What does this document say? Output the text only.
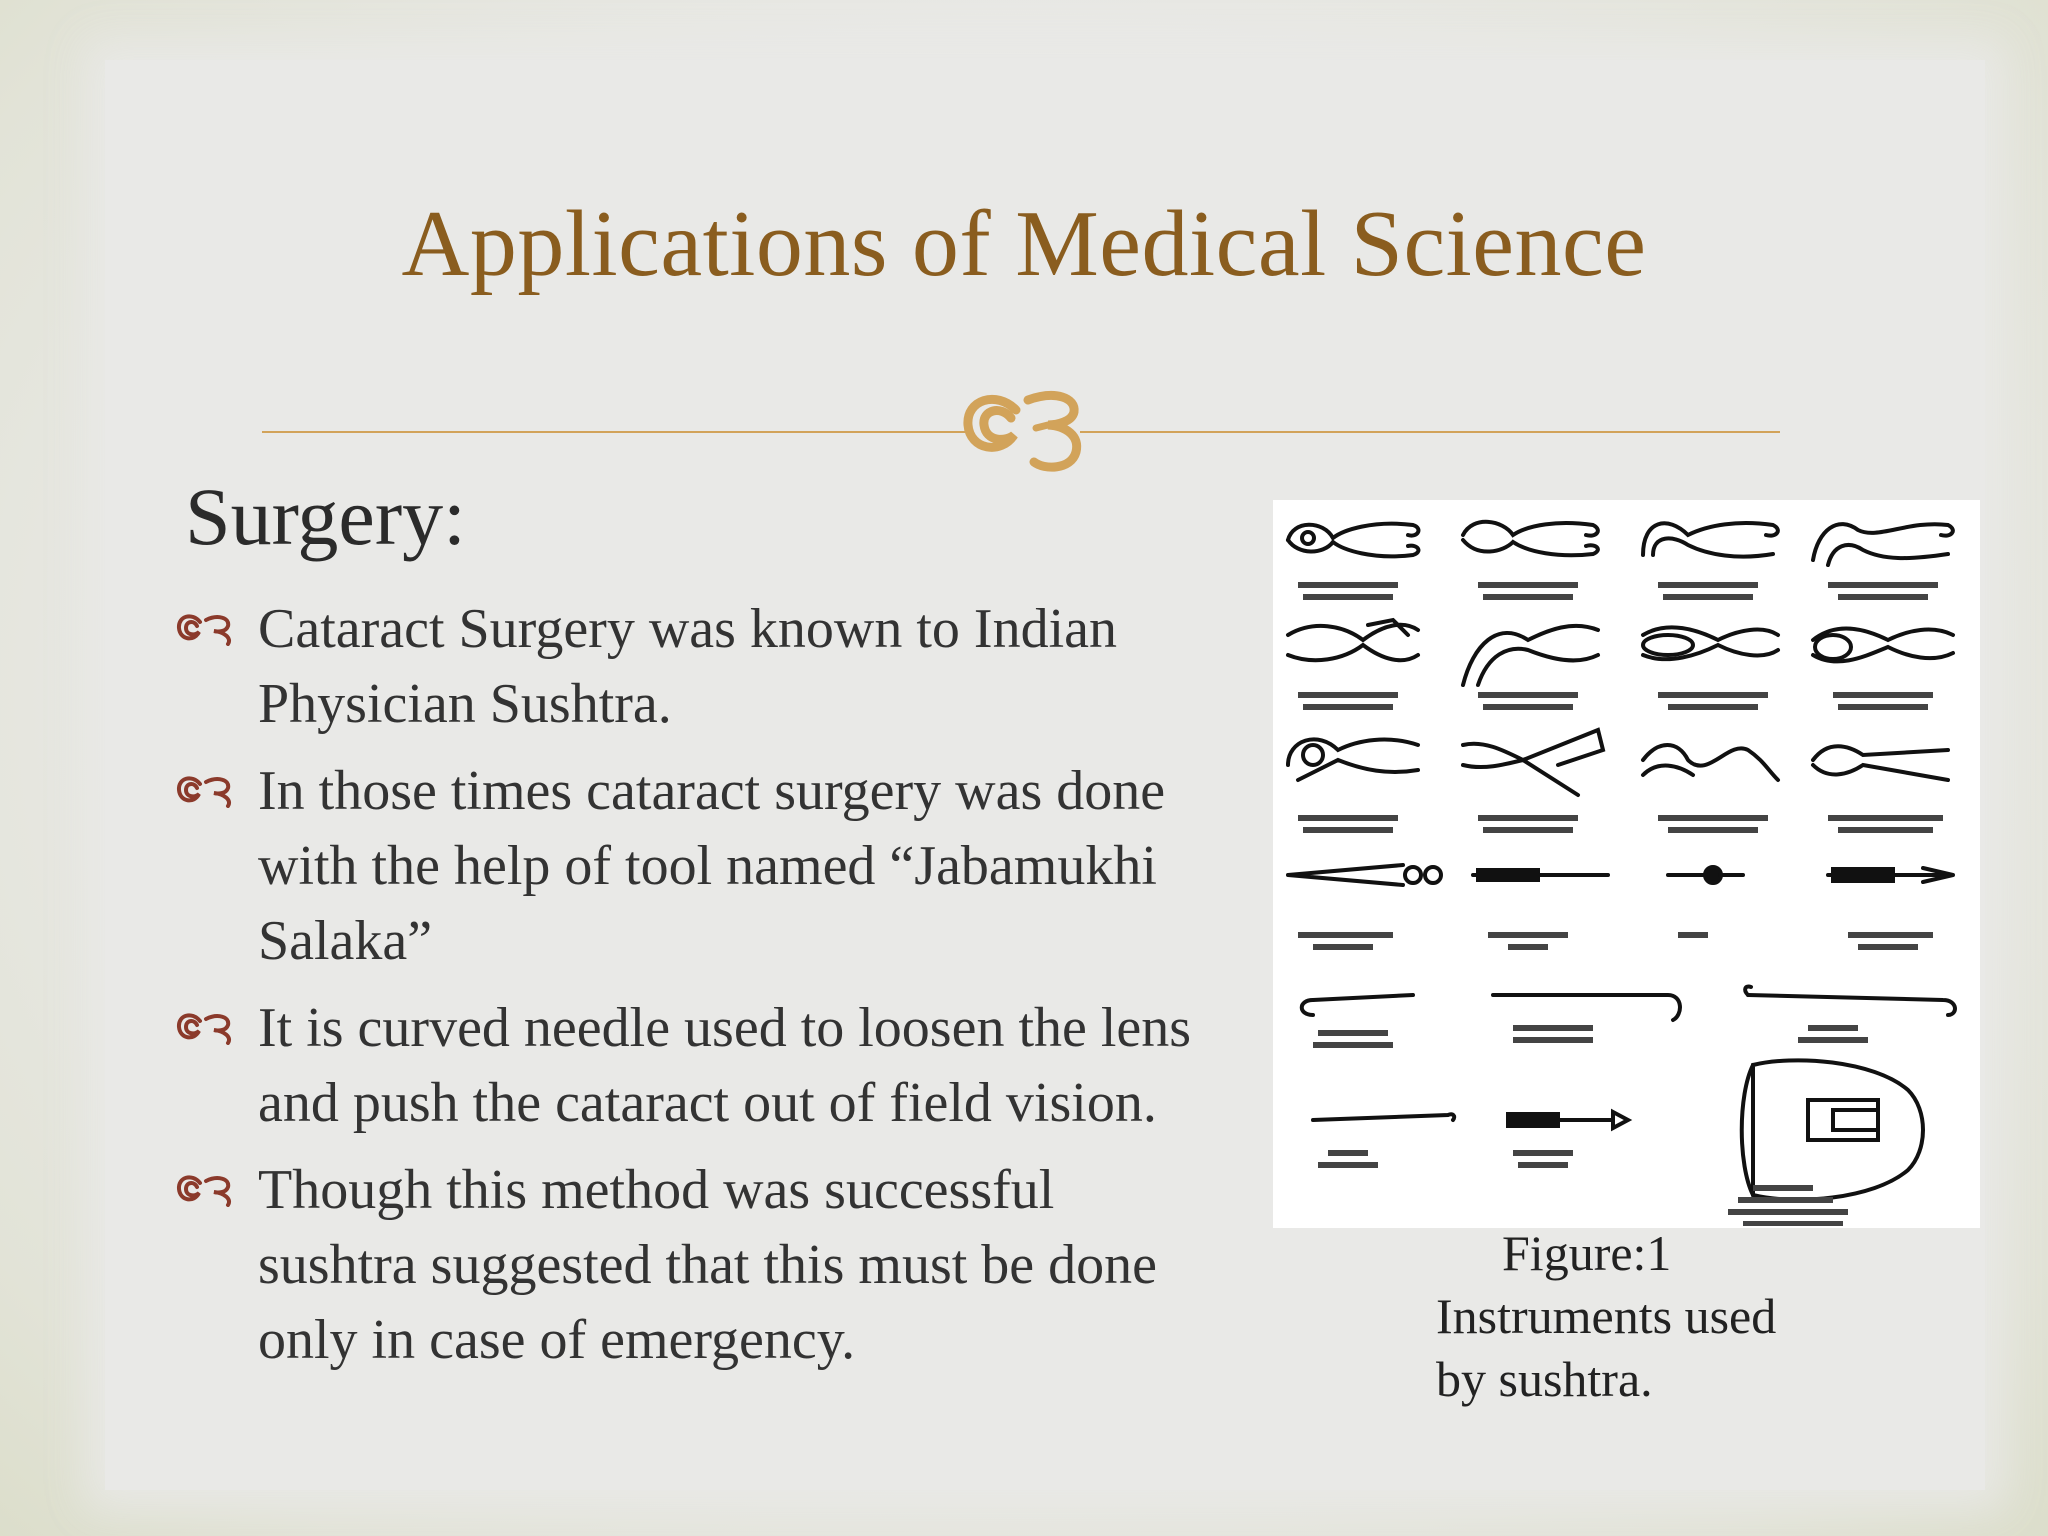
Applications of Medical Science
Surgery:
Cataract Surgery was known to Indian Physician Sushtra.
In those times cataract surgery was done with the help of tool named “Jabamukhi Salaka”
It is curved needle used to loosen the lens and push the cataract out of field vision.
Though this method was successful sushtra suggested that this must be done only in case of emergency.
Figure:1
Instruments used
by sushtra.
